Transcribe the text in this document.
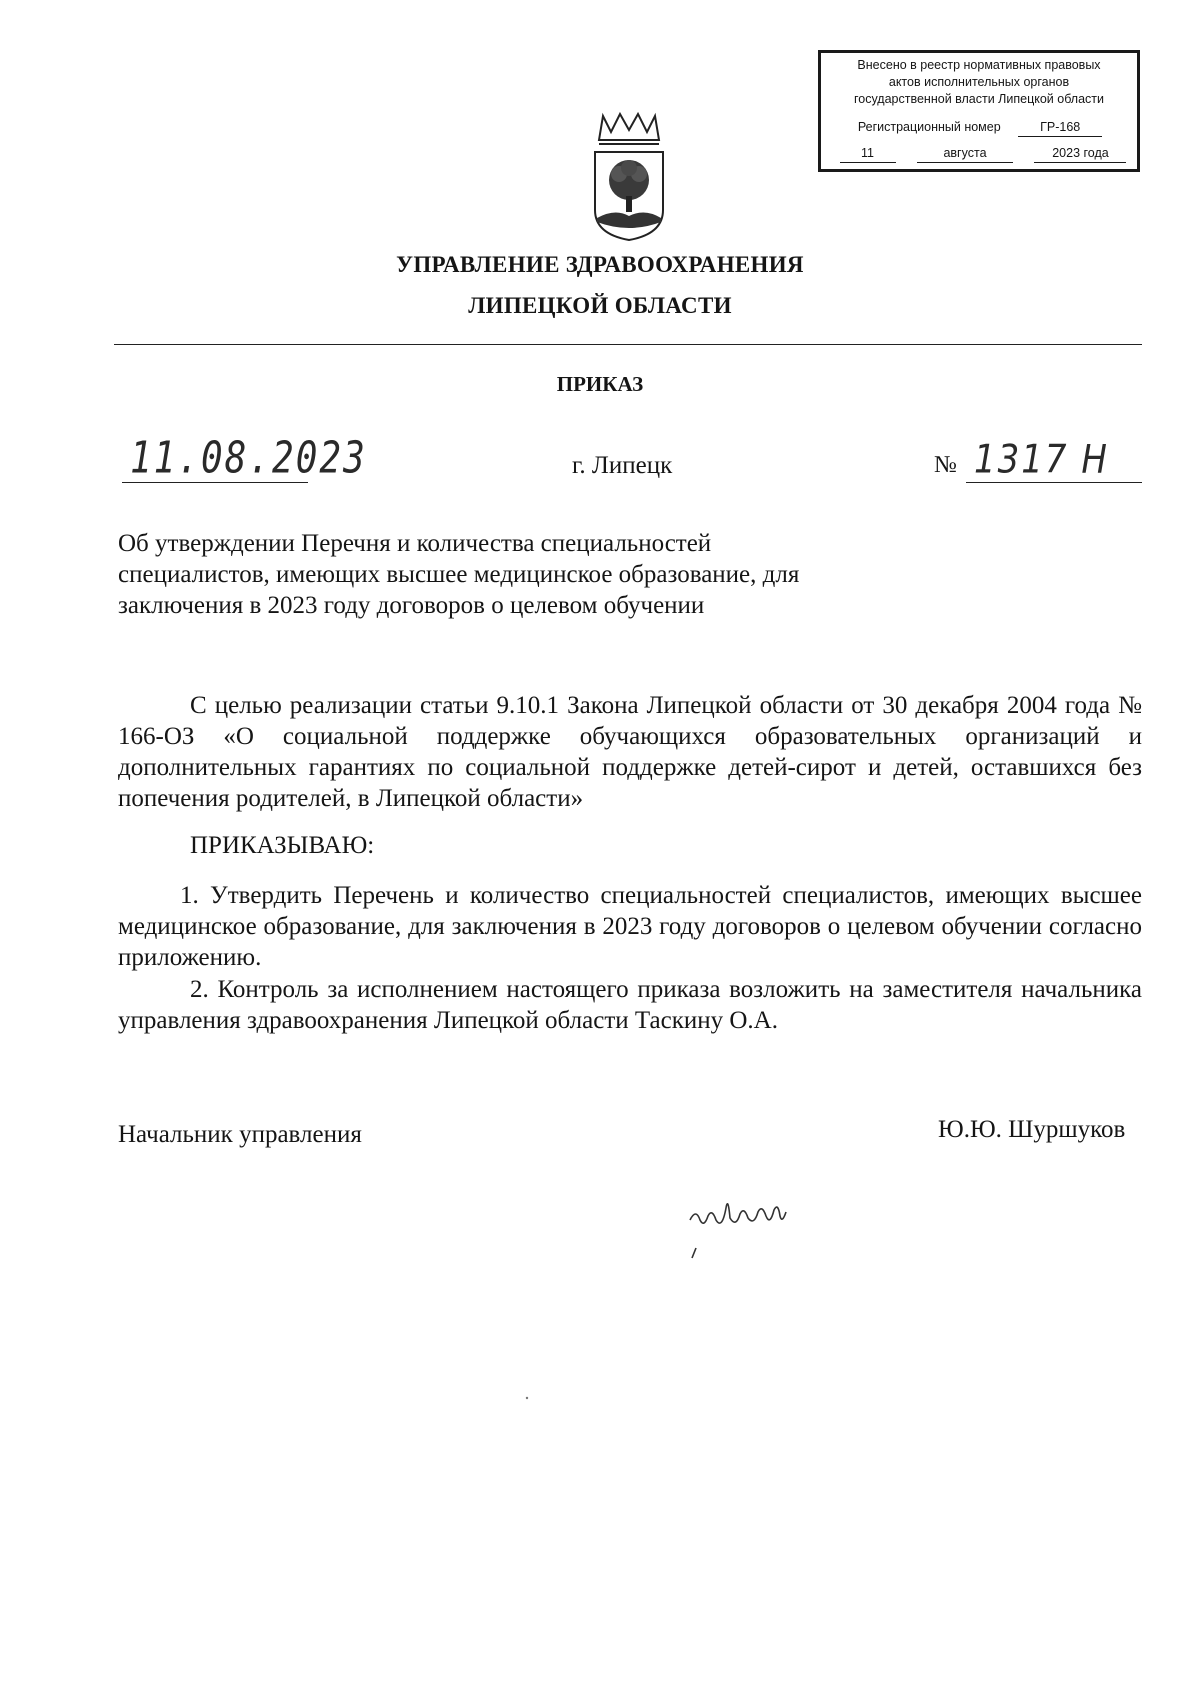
Внесено в реестр нормативных правовых
актов исполнительных органов
государственной власти Липецкой области
Регистрационный номер	ГР-168
11	августа	2023 года
УПРАВЛЕНИЕ ЗДРАВООХРАНЕНИЯ
ЛИПЕЦКОЙ ОБЛАСТИ
ПРИКАЗ
11.08.2023	г. Липецк	№ 1317 Н
Об утверждении Перечня и количества специальностей специалистов, имеющих высшее медицинское образование, для заключения в 2023 году договоров о целевом обучении
С целью реализации статьи 9.10.1 Закона Липецкой области от 30 декабря 2004 года № 166-ОЗ «О социальной поддержке обучающихся образовательных организаций и дополнительных гарантиях по социальной поддержке детей-сирот и детей, оставшихся без попечения родителей, в Липецкой области»
ПРИКАЗЫВАЮ:
1. Утвердить Перечень и количество специальностей специалистов, имеющих высшее медицинское образование, для заключения в 2023 году договоров о целевом обучении согласно приложению.
2. Контроль за исполнением настоящего приказа возложить на заместителя начальника управления здравоохранения Липецкой области Таскину О.А.
Начальник управления	Ю.Ю. Шуршуков
